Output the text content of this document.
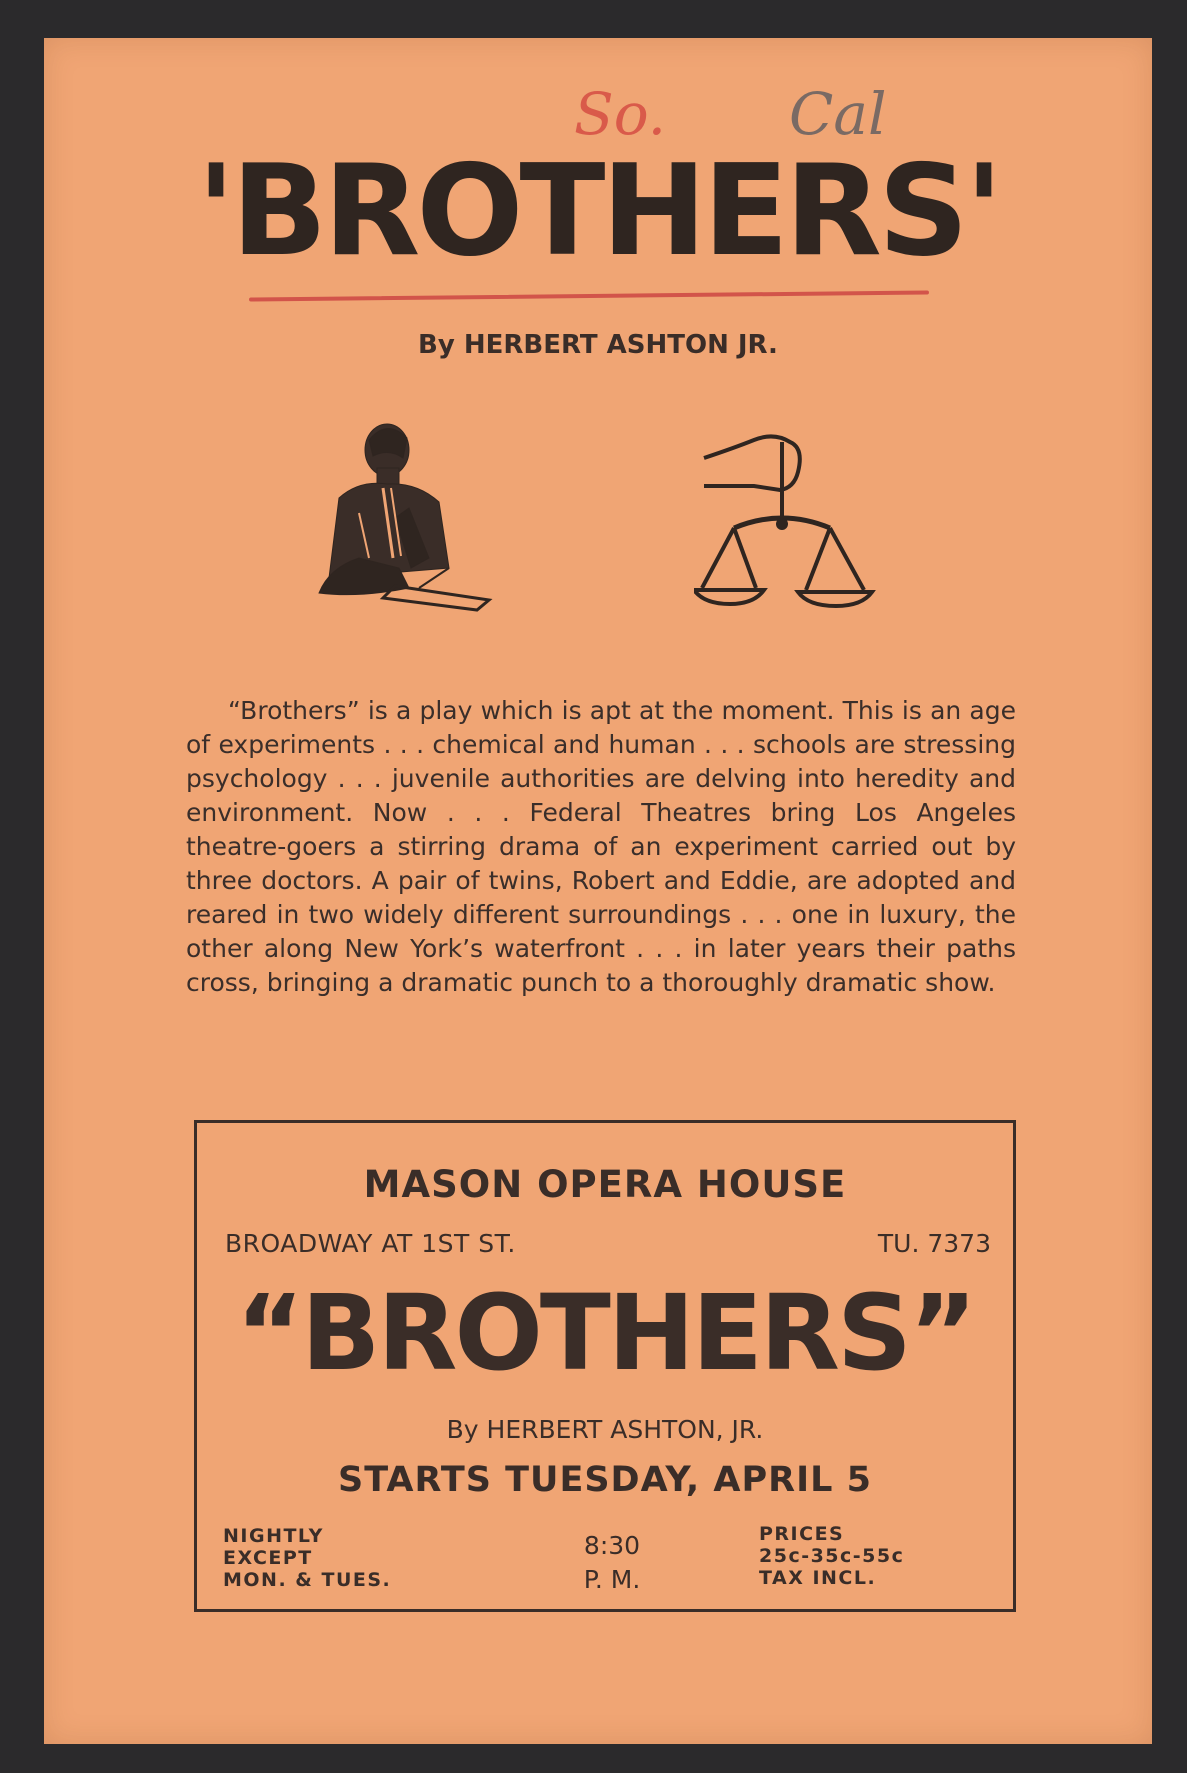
So. Cal
'BROTHERS'
By HERBERT ASHTON JR.
“Brothers” is a play which is apt at the moment. This is an age of experiments . . . chemical and human . . . schools are stressing psychology . . . juvenile authorities are delving into heredity and environment. Now . . . Federal Theatres bring Los Angeles theatre-goers a stirring drama of an experiment carried out by three doctors. A pair of twins, Robert and Eddie, are adopted and reared in two widely different surroundings . . . one in luxury, the other along New York’s waterfront . . . in later years their paths cross, bringing a dramatic punch to a thoroughly dramatic show.
MASON OPERA HOUSE
BROADWAY AT 1ST ST.	TU. 7373
“BROTHERS”
By HERBERT ASHTON, JR.
STARTS TUESDAY, APRIL 5
NIGHTLY
EXCEPT
MON. & TUES.
8:30
P. M.
PRICES
25c-35c-55c
TAX INCL.
